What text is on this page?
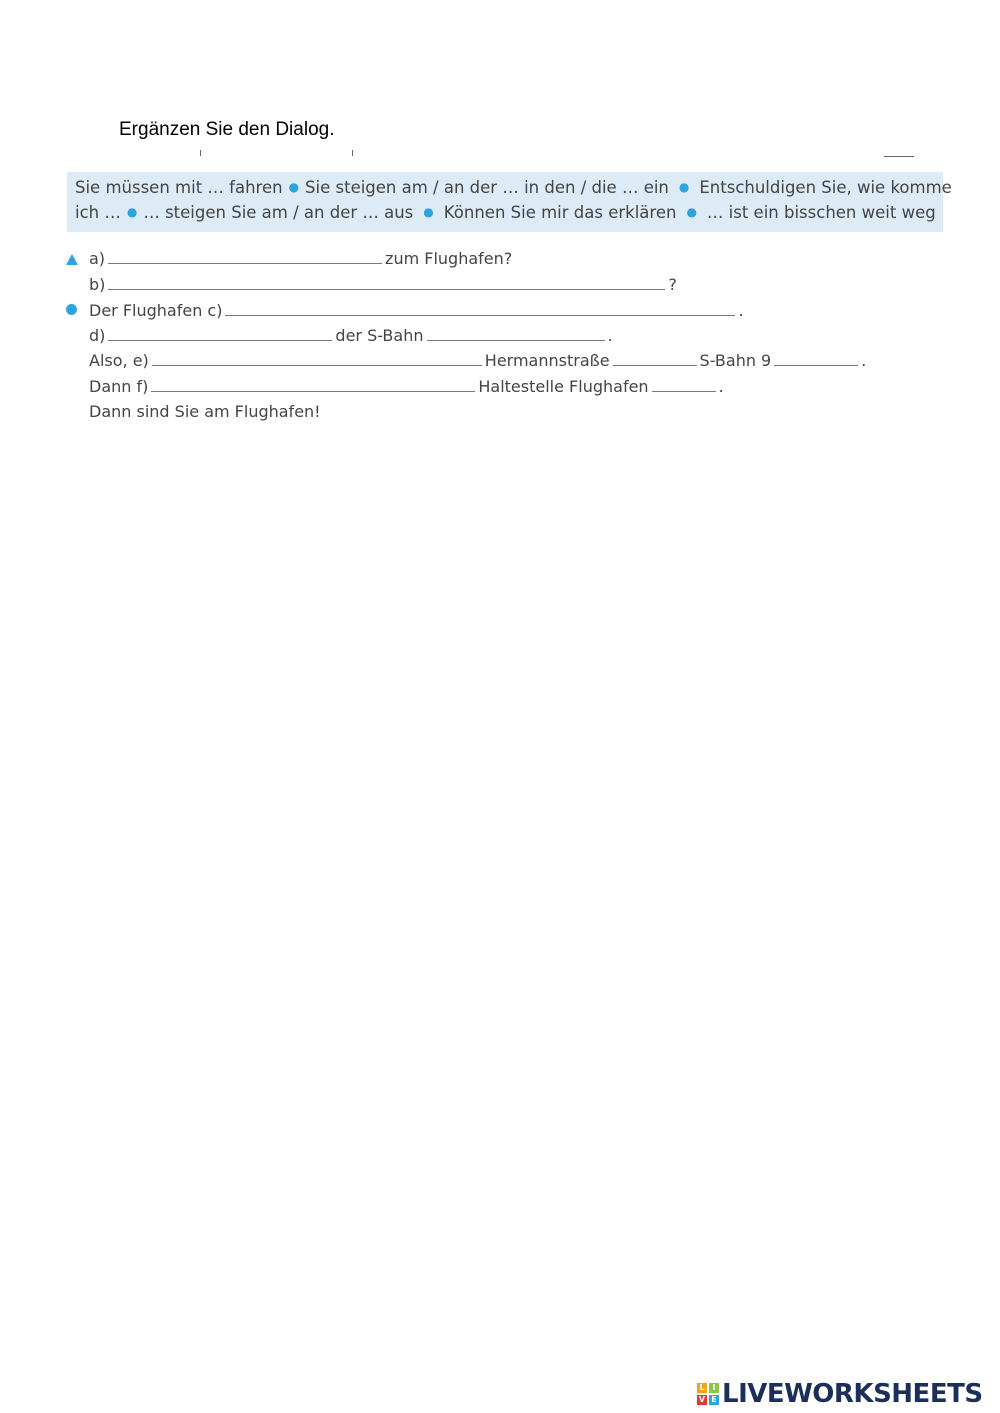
Ergänzen Sie den Dialog.
Sie müssen mit … fahren ● Sie steigen am / an der … in den / die … ein ● Entschuldigen Sie, wie komme
ich … ● … steigen Sie am / an der … aus ● Können Sie mir das erklären ● … ist ein bisschen weit weg
a)	zum Flughafen?
b)	?
Der Flughafen c)	.
d)	der S-Bahn	.
Also, e)	Hermannstraße	S-Bahn 9	.
Dann f)	Haltestelle Flughafen	.
Dann sind Sie am Flughafen!
L I
V E LIVEWORKSHEETS
